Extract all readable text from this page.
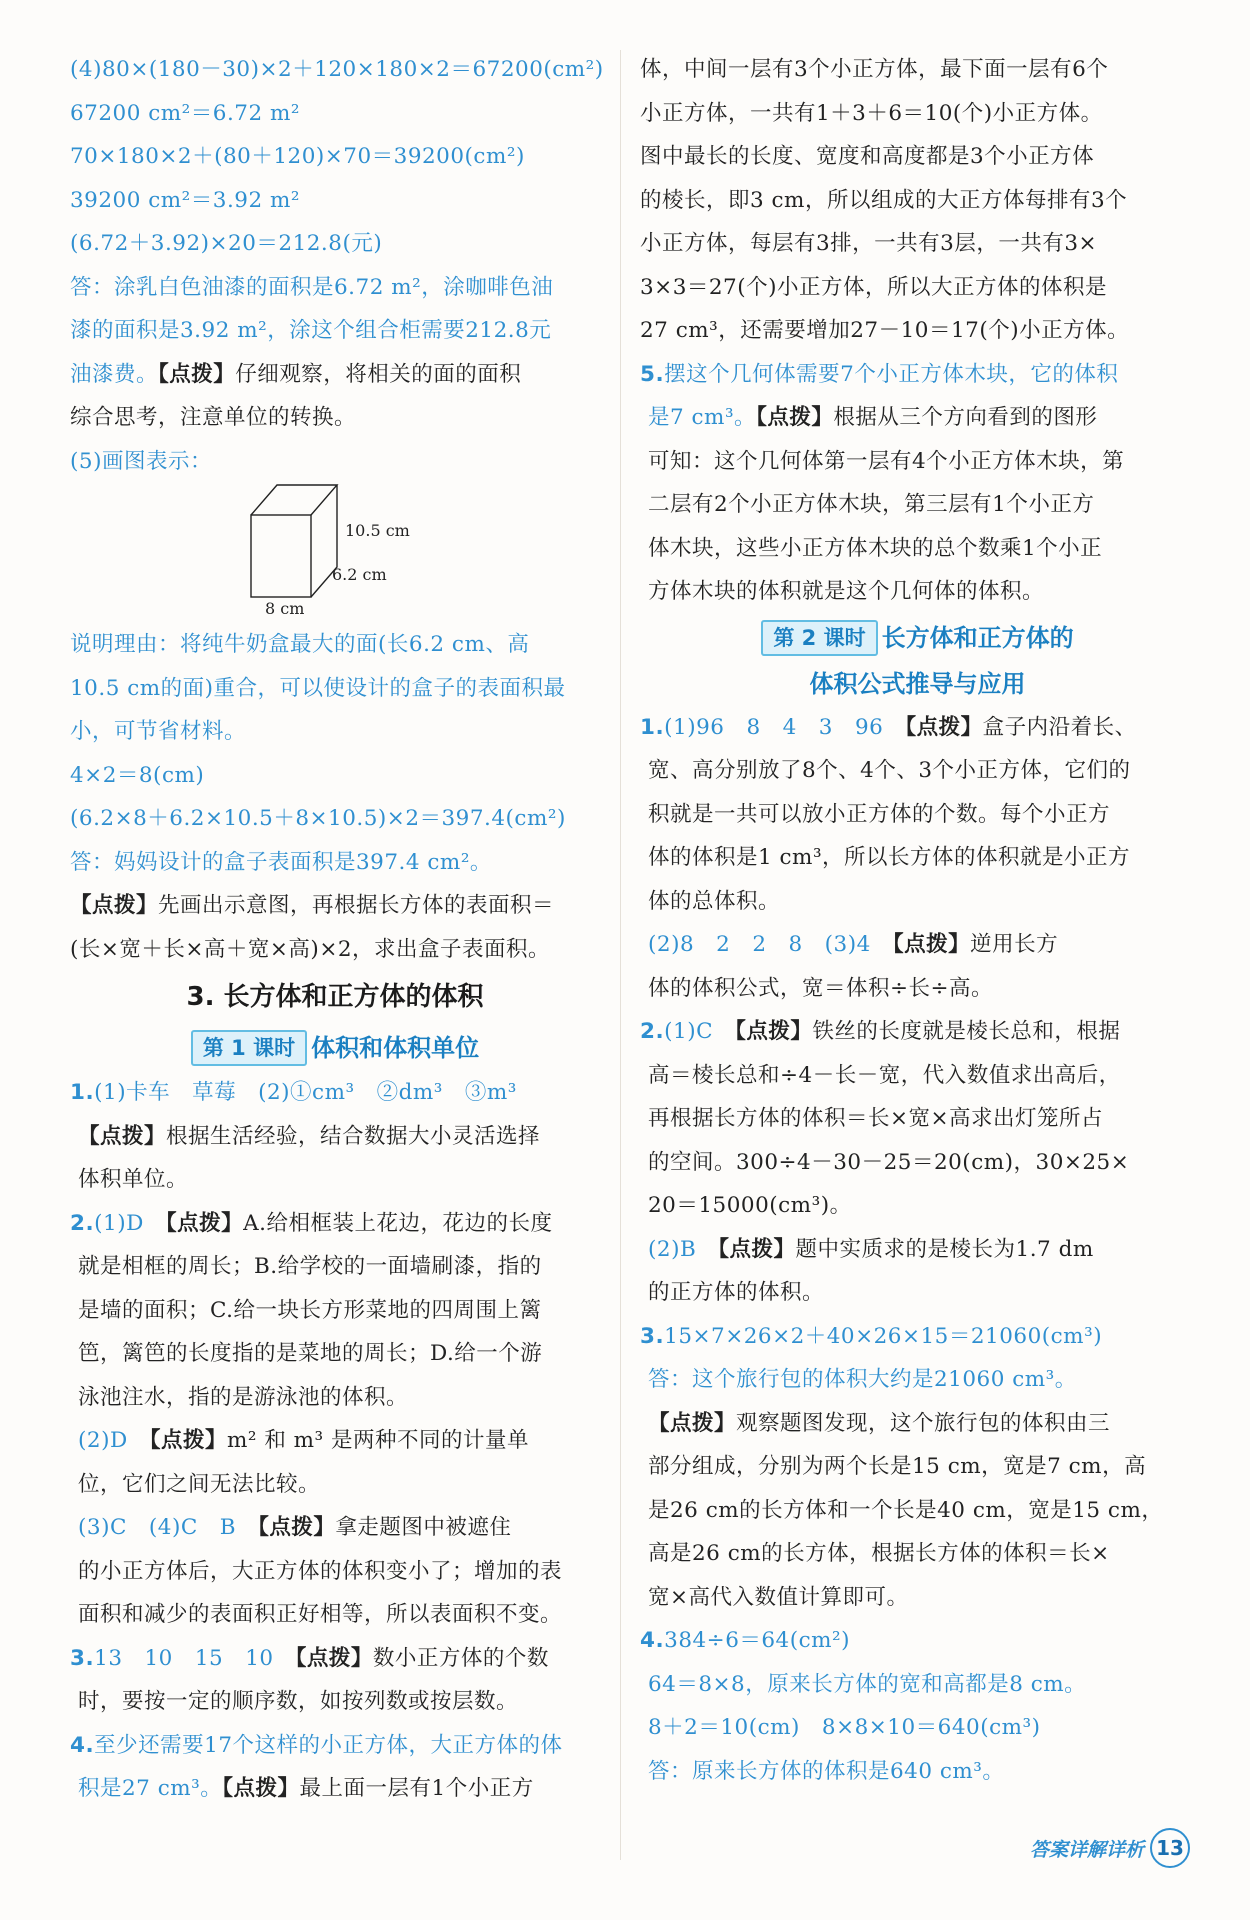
(4)80×(180－30)×2＋120×180×2＝67200(cm²)
67200 cm²＝6.72 m²
70×180×2＋(80＋120)×70＝39200(cm²)
39200 cm²＝3.92 m²
(6.72＋3.92)×20＝212.8(元)
答：涂乳白色油漆的面积是6.72 m²，涂咖啡色油
漆的面积是3.92 m²，涂这个组合柜需要212.8元
油漆费。【点拨】仔细观察，将相关的面的面积
综合思考，注意单位的转换。
(5)画图表示：
10.5 cm
6.2 cm
8 cm
说明理由：将纯牛奶盒最大的面(长6.2 cm、高
10.5 cm的面)重合，可以使设计的盒子的表面积最
小，可节省材料。
4×2＝8(cm)
(6.2×8＋6.2×10.5＋8×10.5)×2＝397.4(cm²)
答：妈妈设计的盒子表面积是397.4 cm²。
【点拨】先画出示意图，再根据长方体的表面积＝
(长×宽＋长×高＋宽×高)×2，求出盒子表面积。
3. 长方体和正方体的体积
第 1 课时 体积和体积单位
1.(1)卡车　草莓　(2)①cm³　②dm³　③m³
【点拨】根据生活经验，结合数据大小灵活选择
体积单位。
2.(1)D　 【点拨】A.给相框装上花边，花边的长度
就是相框的周长；B.给学校的一面墙刷漆，指的
是墙的面积；C.给一块长方形菜地的四周围上篱
笆，篱笆的长度指的是菜地的周长；D.给一个游
泳池注水，指的是游泳池的体积。
(2)D　 【点拨】m² 和 m³ 是两种不同的计量单
位，它们之间无法比较。
(3)C　(4)C　B　 【点拨】拿走题图中被遮住
的小正方体后，大正方体的体积变小了；增加的表
面积和减少的表面积正好相等，所以表面积不变。
3.13　10　15　10　 【点拨】数小正方体的个数
时，要按一定的顺序数，如按列数或按层数。
4.至少还需要17个这样的小正方体，大正方体的体
积是27 cm³。【点拨】最上面一层有1个小正方
体，中间一层有3个小正方体，最下面一层有6个
小正方体，一共有1＋3＋6＝10(个)小正方体。
图中最长的长度、宽度和高度都是3个小正方体
的棱长，即3 cm，所以组成的大正方体每排有3个
小正方体，每层有3排，一共有3层，一共有3×
3×3＝27(个)小正方体，所以大正方体的体积是
27 cm³，还需要增加27－10＝17(个)小正方体。
5.摆这个几何体需要7个小正方体木块，它的体积
是7 cm³。【点拨】根据从三个方向看到的图形
可知：这个几何体第一层有4个小正方体木块，第
二层有2个小正方体木块，第三层有1个小正方
体木块，这些小正方体木块的总个数乘1个小正
方体木块的体积就是这个几何体的体积。
第 2 课时 长方体和正方体的
体积公式推导与应用
1.(1)96　8　4　3　96　 【点拨】盒子内沿着长、
宽、高分别放了8个、4个、3个小正方体，它们的
积就是一共可以放小正方体的个数。每个小正方
体的体积是1 cm³，所以长方体的体积就是小正方
体的总体积。
(2)8　2　2　8　(3)4　 【点拨】逆用长方
体的体积公式，宽＝体积÷长÷高。
2.(1)C　 【点拨】铁丝的长度就是棱长总和，根据
高＝棱长总和÷4－长－宽，代入数值求出高后，
再根据长方体的体积＝长×宽×高求出灯笼所占
的空间。300÷4－30－25＝20(cm)，30×25×
20＝15000(cm³)。
(2)B　 【点拨】题中实质求的是棱长为1.7 dm
的正方体的体积。
3.15×7×26×2＋40×26×15＝21060(cm³)
答：这个旅行包的体积大约是21060 cm³。
【点拨】观察题图发现，这个旅行包的体积由三
部分组成，分别为两个长是15 cm，宽是7 cm，高
是26 cm的长方体和一个长是40 cm，宽是15 cm，
高是26 cm的长方体，根据长方体的体积＝长×
宽×高代入数值计算即可。
4.384÷6＝64(cm²)
64＝8×8，原来长方体的宽和高都是8 cm。
8＋2＝10(cm)　8×8×10＝640(cm³)
答：原来长方体的体积是640 cm³。
答案详解详析 13
